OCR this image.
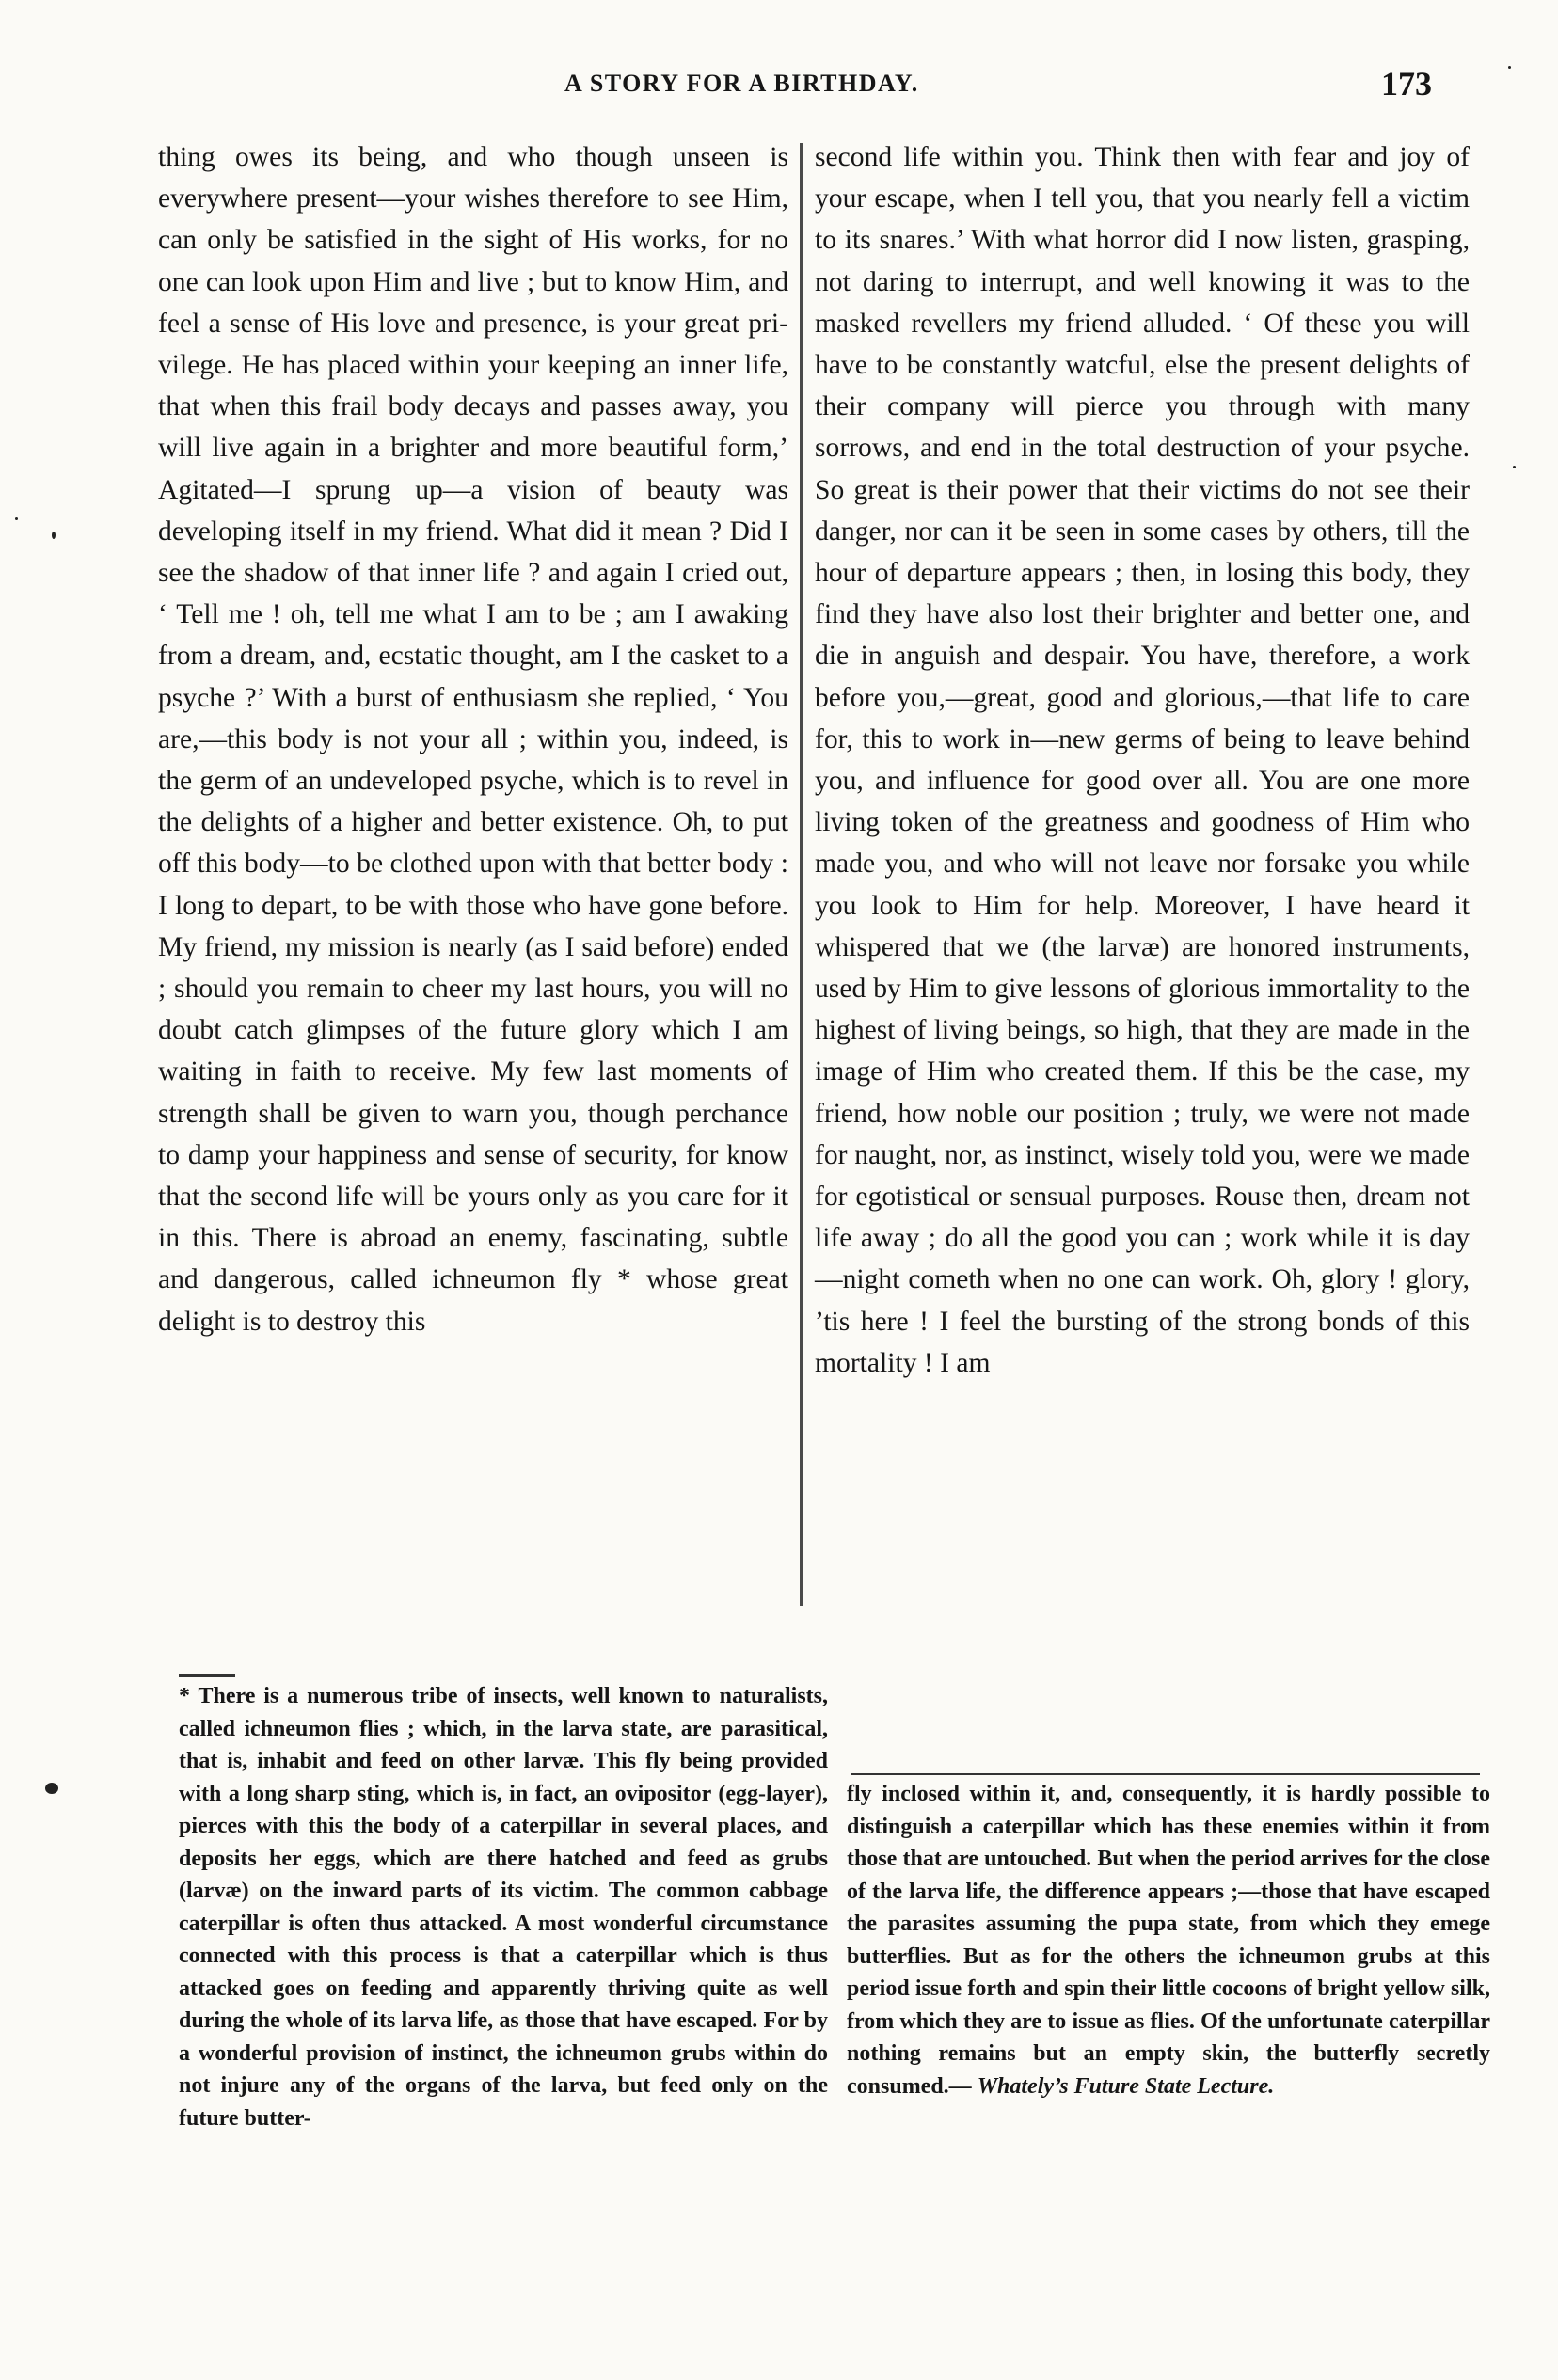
A STORY FOR A BIRTHDAY.	173

thing owes its being, and who though unseen is everywhere present—your wishes therefore to see Him, can only be satisfied in the sight of His works, for no one can look upon Him and live ; but to know Him, and feel a sense of His love and presence, is your great privilege. He has placed within your keeping an inner life, that when this frail body decays and passes away, you will live again in a brighter and more beautiful form,’ Agitated—I sprung up—a vision of beauty was developing itself in my friend. What did it mean ? Did I see the shadow of that inner life ? and again I cried out, ‘ Tell me ! oh, tell me what I am to be ; am I awaking from a dream, and, ecstatic thought, am I the casket to a psyche ?’ With a burst of enthusiasm she replied, ‘ You are,—this body is not your all ; within you, indeed, is the germ of an undeveloped psyche, which is to revel in the delights of a higher and better existence. Oh, to put off this body—to be clothed upon with that better body : I long to depart, to be with those who have gone before. My friend, my mission is nearly (as I said before) ended ; should you remain to cheer my last hours, you will no doubt catch glimpses of the future glory which I am waiting in faith to receive. My few last moments of strength shall be given to warn you, though perchance to damp your happiness and sense of security, for know that the second life will be yours only as you care for it in this. There is abroad an enemy, fascinating, subtle and dangerous, called ichneumon fly * whose great delight is to destroy this

second life within you. Think then with fear and joy of your escape, when I tell you, that you nearly fell a victim to its snares.’ With what horror did I now listen, grasping, not daring to interrupt, and well knowing it was to the masked revellers my friend alluded. ‘ Of these you will have to be constantly watcful, else the present delights of their company will pierce you through with many sorrows, and end in the total destruction of your psyche. So great is their power that their victims do not see their danger, nor can it be seen in some cases by others, till the hour of departure appears ; then, in losing this body, they find they have also lost their brighter and better one, and die in anguish and despair. You have, therefore, a work before you,—great, good and glorious,—that life to care for, this to work in—new germs of being to leave behind you, and influence for good over all. You are one more living token of the greatness and goodness of Him who made you, and who will not leave nor forsake you while you look to Him for help. Moreover, I have heard it whispered that we (the larvæ) are honored instruments, used by Him to give lessons of glorious immortality to the highest of living beings, so high, that they are made in the image of Him who created them. If this be the case, my friend, how noble our position ; truly, we were not made for naught, nor, as instinct, wisely told you, were we made for egotistical or sensual purposes. Rouse then, dream not life away ; do all the good you can ; work while it is day—night cometh when no one can work. Oh, glory ! glory, ’tis here ! I feel the bursting of the strong bonds of this mortality ! I am

* There is a numerous tribe of insects, well known to naturalists, called ichneumon flies ; which, in the larva state, are parasitical, that is, inhabit and feed on other larvæ. This fly being provided with a long sharp sting, which is, in fact, an ovipositor (egg-layer), pierces with this the body of a caterpillar in several places, and deposits her eggs, which are there hatched and feed as grubs (larvæ) on the inward parts of its victim. The common cabbage caterpillar is often thus attacked. A most wonderful circumstance connected with this process is that a caterpillar which is thus attacked goes on feeding and apparently thriving quite as well during the whole of its larva life, as those that have escaped. For by a wonderful provision of instinct, the ichneumon grubs within do not injure any of the organs of the larva, but feed only on the future butter-
fly inclosed within it, and, consequently, it is hardly possible to distinguish a caterpillar which has these enemies within it from those that are untouched. But when the period arrives for the close of the larva life, the difference appears ;—those that have escaped the parasites assuming the pupa state, from which they emege butterflies. But as for the others the ichneumon grubs at this period issue forth and spin their little cocoons of bright yellow silk, from which they are to issue as flies. Of the unfortunate caterpillar nothing remains but an empty skin, the butterfly secretly consumed.— Whately’s Future State Lecture.
